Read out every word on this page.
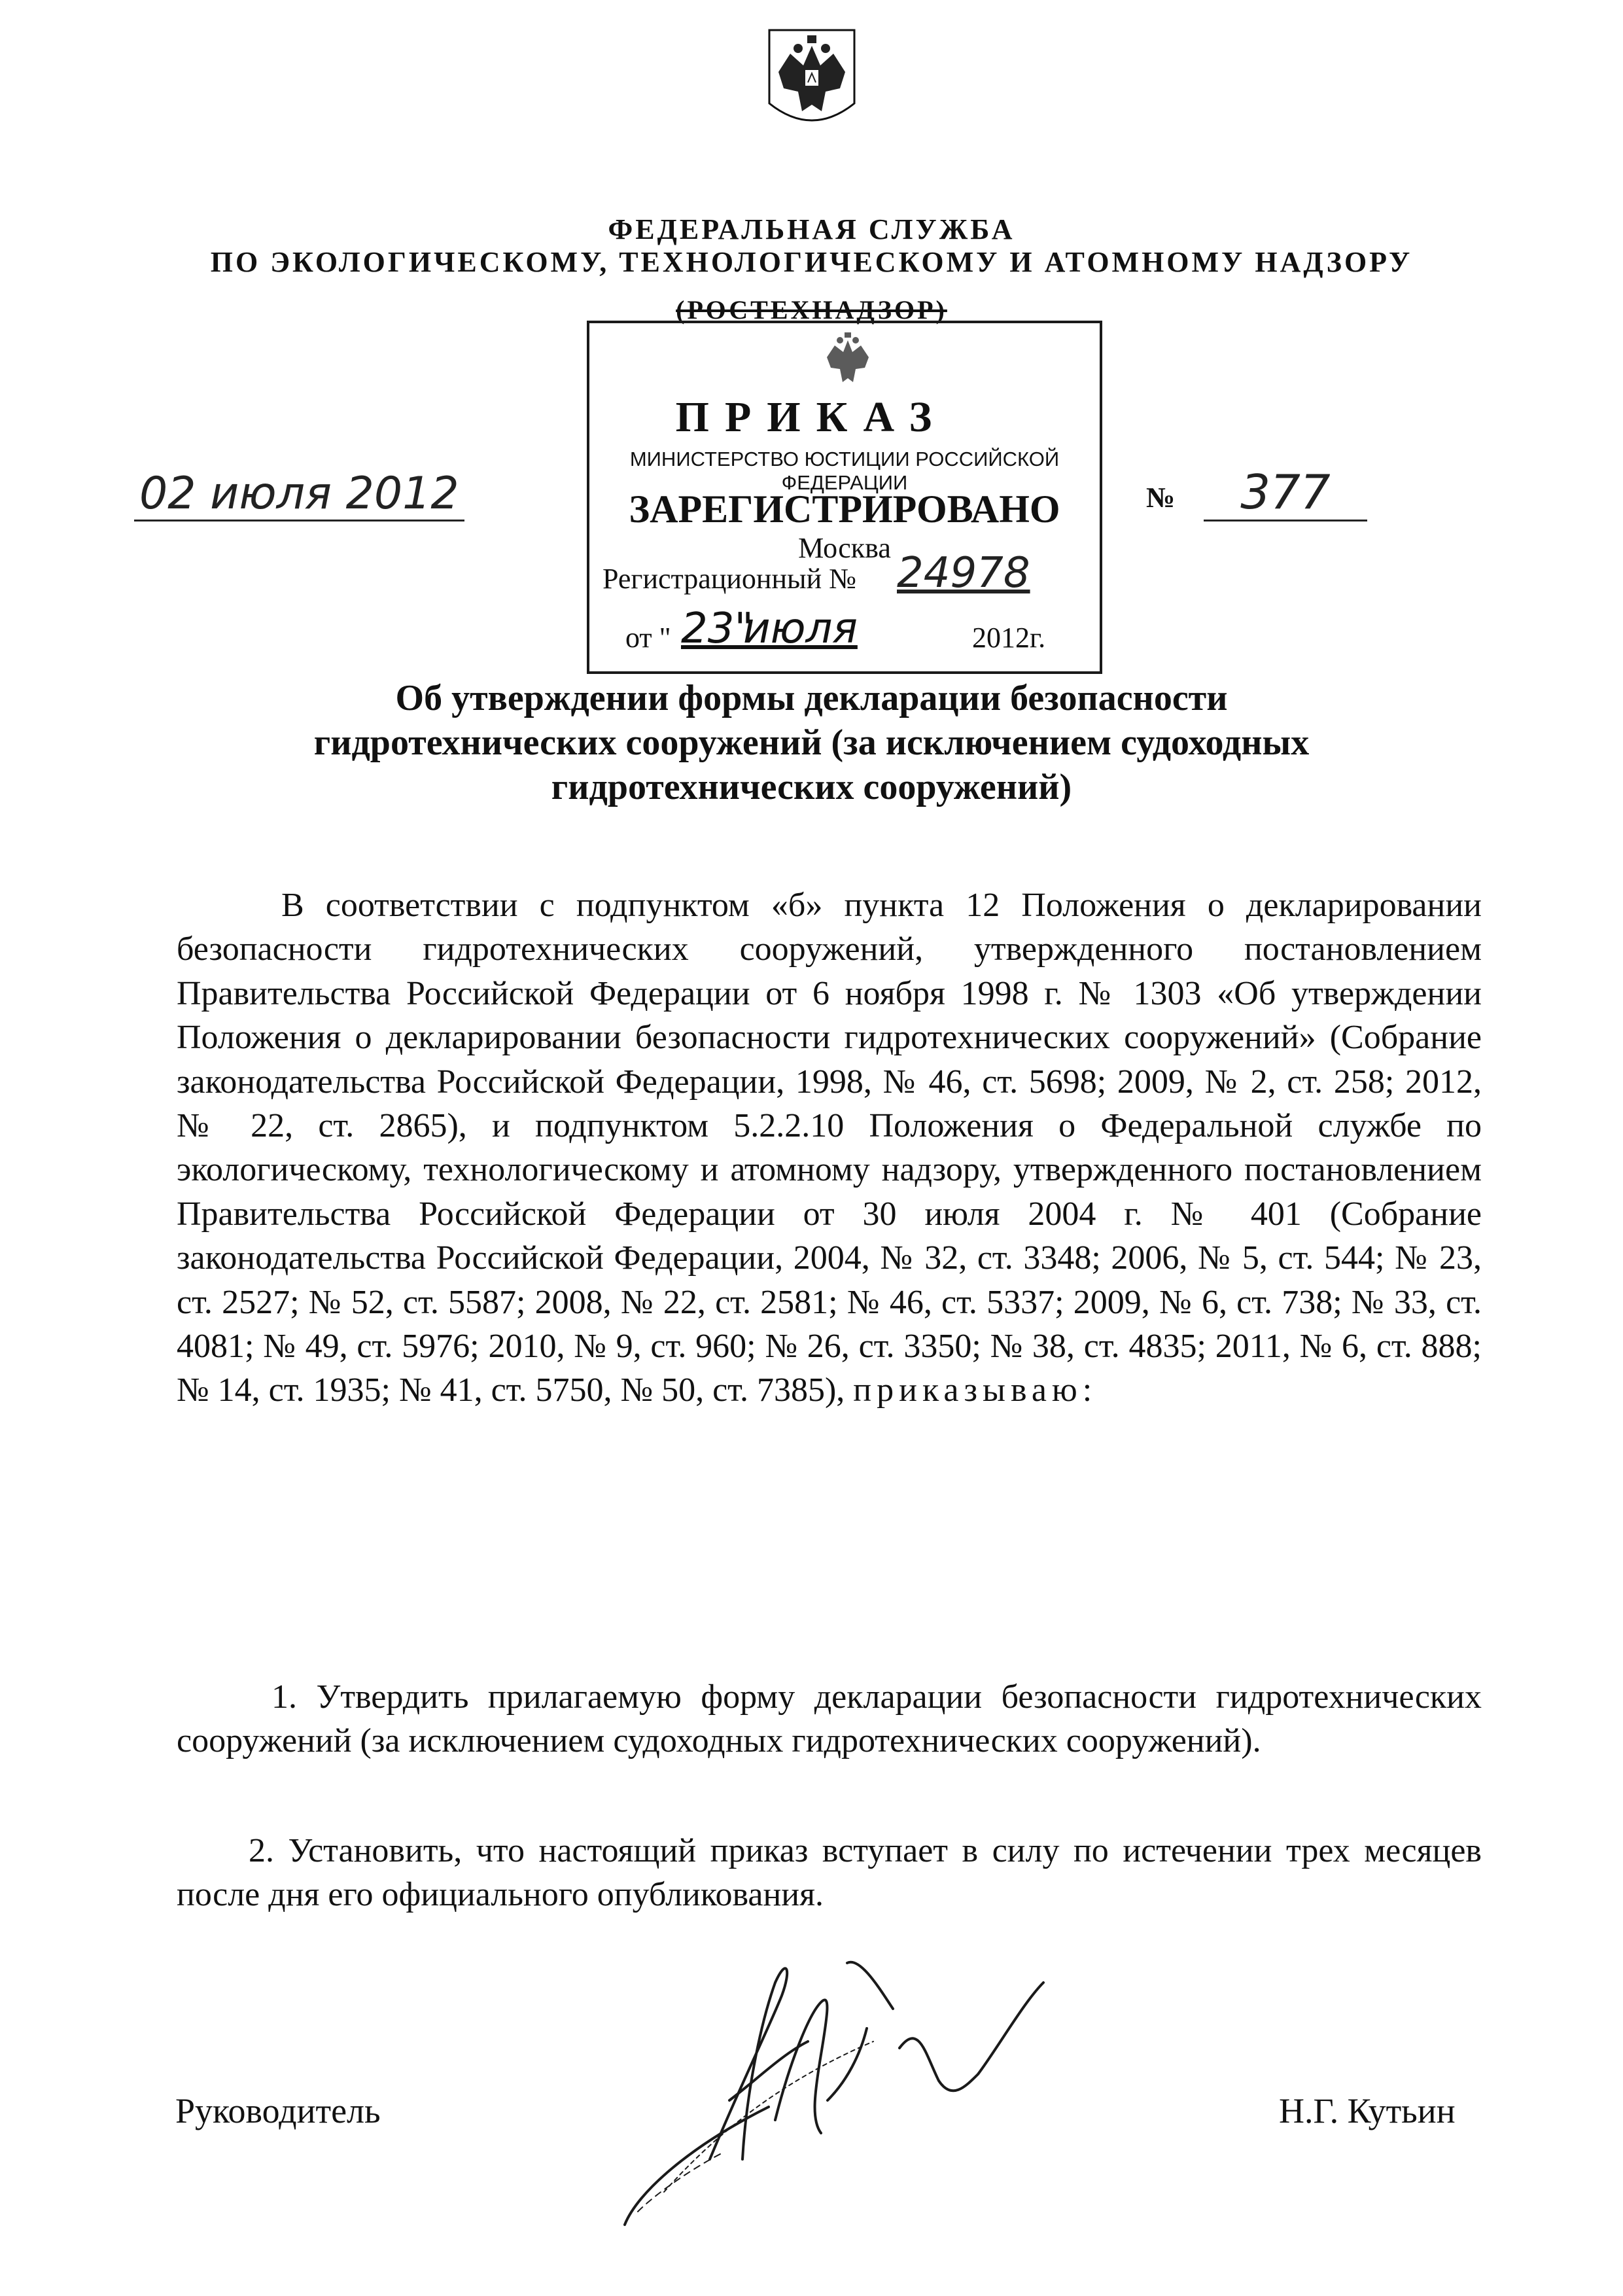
ФЕДЕРАЛЬНАЯ СЛУЖБА
ПО ЭКОЛОГИЧЕСКОМУ, ТЕХНОЛОГИЧЕСКОМУ И АТОМНОМУ НАДЗОРУ
(РОСТЕХНАДЗОР)
МИНИСТЕРСТВО ЮСТИЦИИ РОССИЙСКОЙ ФЕДЕРАЦИИ
ЗАРЕГИСТРИРОВАНО
Москва
Регистрационный № 24978
от " 23"
июля	2012г.
ПРИКАЗ
02 июля 2012	№	377
Об утверждении формы декларации безопасности
гидротехнических сооружений (за исключением судоходных
гидротехнических сооружений)

В соответствии с подпунктом «б» пункта 12 Положения о декларировании безопасности гидротехнических сооружений, утвержденного постановлением Правительства Российской Федерации от 6 ноября 1998 г. № 1303 «Об утверждении Положения о декларировании безопасности гидротехнических сооружений» (Собрание законодательства Российской Федерации, 1998, № 46, ст. 5698; 2009, № 2, ст. 258; 2012, № 22, ст. 2865), и подпунктом 5.2.2.10 Положения о Федеральной службе по экологическому, технологическому и атомному надзору, утвержденного постановлением Правительства Российской Федерации от 30 июля 2004 г. № 401 (Собрание законодательства Российской Федерации, 2004, № 32, ст. 3348; 2006, № 5, ст. 544; № 23, ст. 2527; № 52, ст. 5587; 2008, № 22, ст. 2581; № 46, ст. 5337; 2009, № 6, ст. 738; № 33, ст. 4081; № 49, ст. 5976; 2010, № 9, ст. 960; № 26, ст. 3350; № 38, ст. 4835; 2011, № 6, ст. 888; № 14, ст. 1935; № 41, ст. 5750, № 50, ст. 7385), приказываю:

1. Утвердить прилагаемую форму декларации безопасности гидротехнических сооружений (за исключением судоходных гидротехнических сооружений).

2. Установить, что настоящий приказ вступает в силу по истечении трех месяцев после дня его официального опубликования.

Руководитель	Н.Г. Кутьин
